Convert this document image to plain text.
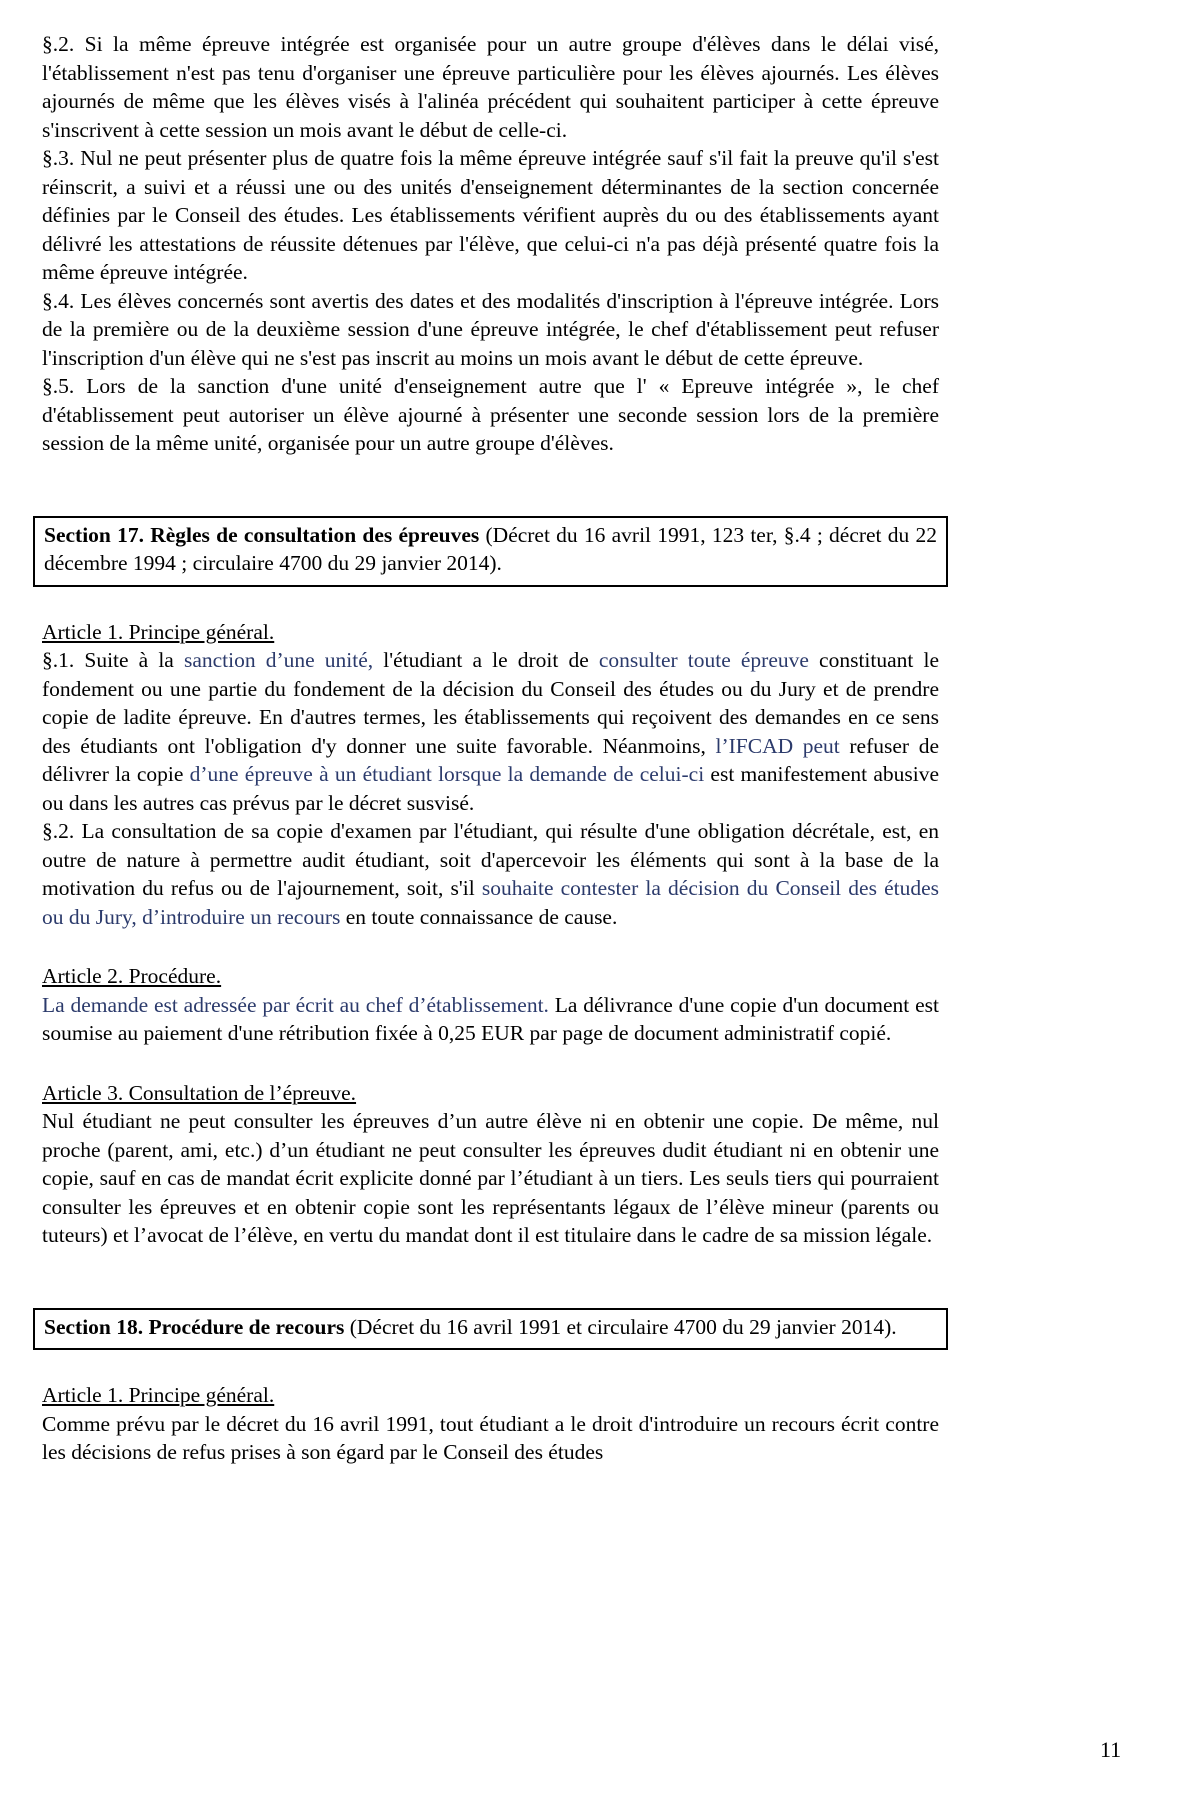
§.2. Si la même épreuve intégrée est organisée pour un autre groupe d'élèves dans le délai visé, l'établissement n'est pas tenu d'organiser une épreuve particulière pour les élèves ajournés. Les élèves ajournés de même que les élèves visés à l'alinéa précédent qui souhaitent participer à cette épreuve s'inscrivent à cette session un mois avant le début de celle-ci.

§.3. Nul ne peut présenter plus de quatre fois la même épreuve intégrée sauf s'il fait la preuve qu'il s'est réinscrit, a suivi et a réussi une ou des unités d'enseignement déterminantes de la section concernée définies par le Conseil des études. Les établissements vérifient auprès du ou des établissements ayant délivré les attestations de réussite détenues par l'élève, que celui-ci n'a pas déjà présenté quatre fois la même épreuve intégrée.

§.4. Les élèves concernés sont avertis des dates et des modalités d'inscription à l'épreuve intégrée. Lors de la première ou de la deuxième session d'une épreuve intégrée, le chef d'établissement peut refuser l'inscription d'un élève qui ne s'est pas inscrit au moins un mois avant le début de cette épreuve.

§.5. Lors de la sanction d'une unité d'enseignement autre que l' « Epreuve intégrée », le chef d'établissement peut autoriser un élève ajourné à présenter une seconde session lors de la première session de la même unité, organisée pour un autre groupe d'élèves.

Section 17. Règles de consultation des épreuves (Décret du 16 avril 1991, 123 ter, §.4 ; décret du 22 décembre 1994 ; circulaire 4700 du 29 janvier 2014).

Article 1. Principe général.

§.1. Suite à la sanction d’une unité, l'étudiant a le droit de consulter toute épreuve constituant le fondement ou une partie du fondement de la décision du Conseil des études ou du Jury et de prendre copie de ladite épreuve. En d'autres termes, les établissements qui reçoivent des demandes en ce sens des étudiants ont l'obligation d'y donner une suite favorable. Néanmoins, l’IFCAD peut refuser de délivrer la copie d’une épreuve à un étudiant lorsque la demande de celui-ci est manifestement abusive ou dans les autres cas prévus par le décret susvisé.

§.2. La consultation de sa copie d'examen par l'étudiant, qui résulte d'une obligation décrétale, est, en outre de nature à permettre audit étudiant, soit d'apercevoir les éléments qui sont à la base de la motivation du refus ou de l'ajournement, soit, s'il souhaite contester la décision du Conseil des études ou du Jury, d’introduire un recours en toute connaissance de cause.

Article 2. Procédure.

La demande est adressée par écrit au chef d’établissement. La délivrance d'une copie d'un document est soumise au paiement d'une rétribution fixée à 0,25 EUR par page de document administratif copié.

Article 3. Consultation de l’épreuve.

Nul étudiant ne peut consulter les épreuves d’un autre élève ni en obtenir une copie. De même, nul proche (parent, ami, etc.) d’un étudiant ne peut consulter les épreuves dudit étudiant ni en obtenir une copie, sauf en cas de mandat écrit explicite donné par l’étudiant à un tiers. Les seuls tiers qui pourraient consulter les épreuves et en obtenir copie sont les représentants légaux de l’élève mineur (parents ou tuteurs) et l’avocat de l’élève, en vertu du mandat dont il est titulaire dans le cadre de sa mission légale.

Section 18. Procédure de recours (Décret du 16 avril 1991 et circulaire 4700 du 29 janvier 2014).

Article 1. Principe général.

Comme prévu par le décret du 16 avril 1991, tout étudiant a le droit d'introduire un recours écrit contre les décisions de refus prises à son égard par le Conseil des études

11
